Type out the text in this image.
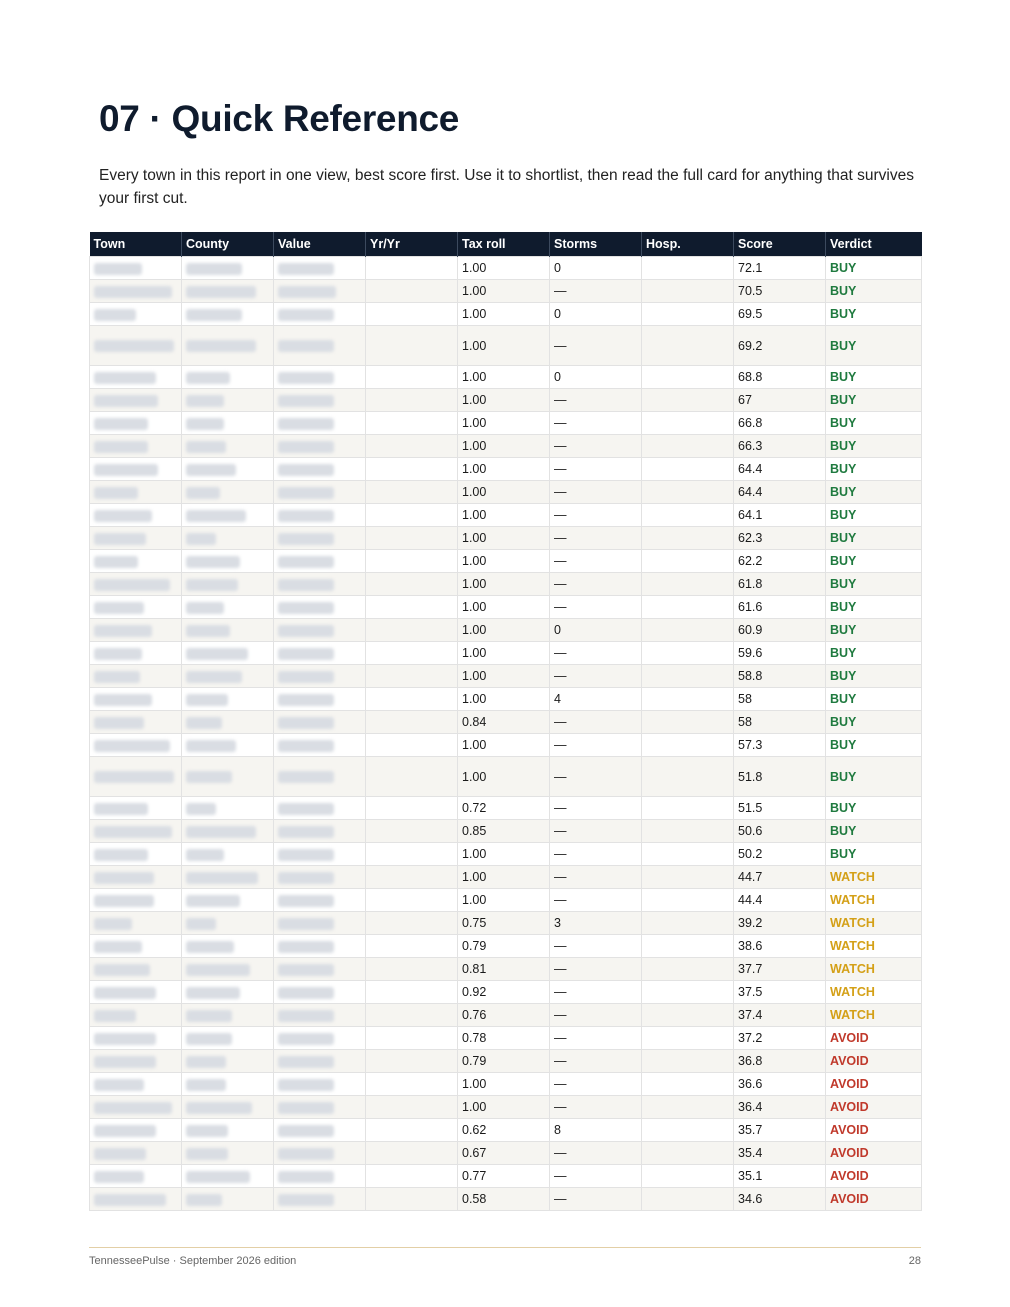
07 · Quick Reference

Every town in this report in one view, best score first. Use it to shortlist, then read the full card for anything that survives your first cut.

Town	County	Value	Yr/Yr	Tax roll	Storms	Hosp.	Score	Verdict
				1.00	0		72.1	BUY
				1.00	—		70.5	BUY
				1.00	0		69.5	BUY
				1.00	—		69.2	BUY
				1.00	0		68.8	BUY
				1.00	—		67	BUY
				1.00	—		66.8	BUY
				1.00	—		66.3	BUY
				1.00	—		64.4	BUY
				1.00	—		64.4	BUY
				1.00	—		64.1	BUY
				1.00	—		62.3	BUY
				1.00	—		62.2	BUY
				1.00	—		61.8	BUY
				1.00	—		61.6	BUY
				1.00	0		60.9	BUY
				1.00	—		59.6	BUY
				1.00	—		58.8	BUY
				1.00	4		58	BUY
				0.84	—		58	BUY
				1.00	—		57.3	BUY
				1.00	—		51.8	BUY
				0.72	—		51.5	BUY
				0.85	—		50.6	BUY
				1.00	—		50.2	BUY
				1.00	—		44.7	WATCH
				1.00	—		44.4	WATCH
				0.75	3		39.2	WATCH
				0.79	—		38.6	WATCH
				0.81	—		37.7	WATCH
				0.92	—		37.5	WATCH
				0.76	—		37.4	WATCH
				0.78	—		37.2	AVOID
				0.79	—		36.8	AVOID
				1.00	—		36.6	AVOID
				1.00	—		36.4	AVOID
				0.62	8		35.7	AVOID
				0.67	—		35.4	AVOID
				0.77	—		35.1	AVOID
				0.58	—		34.6	AVOID
TennesseePulse · September 2026 edition	28
